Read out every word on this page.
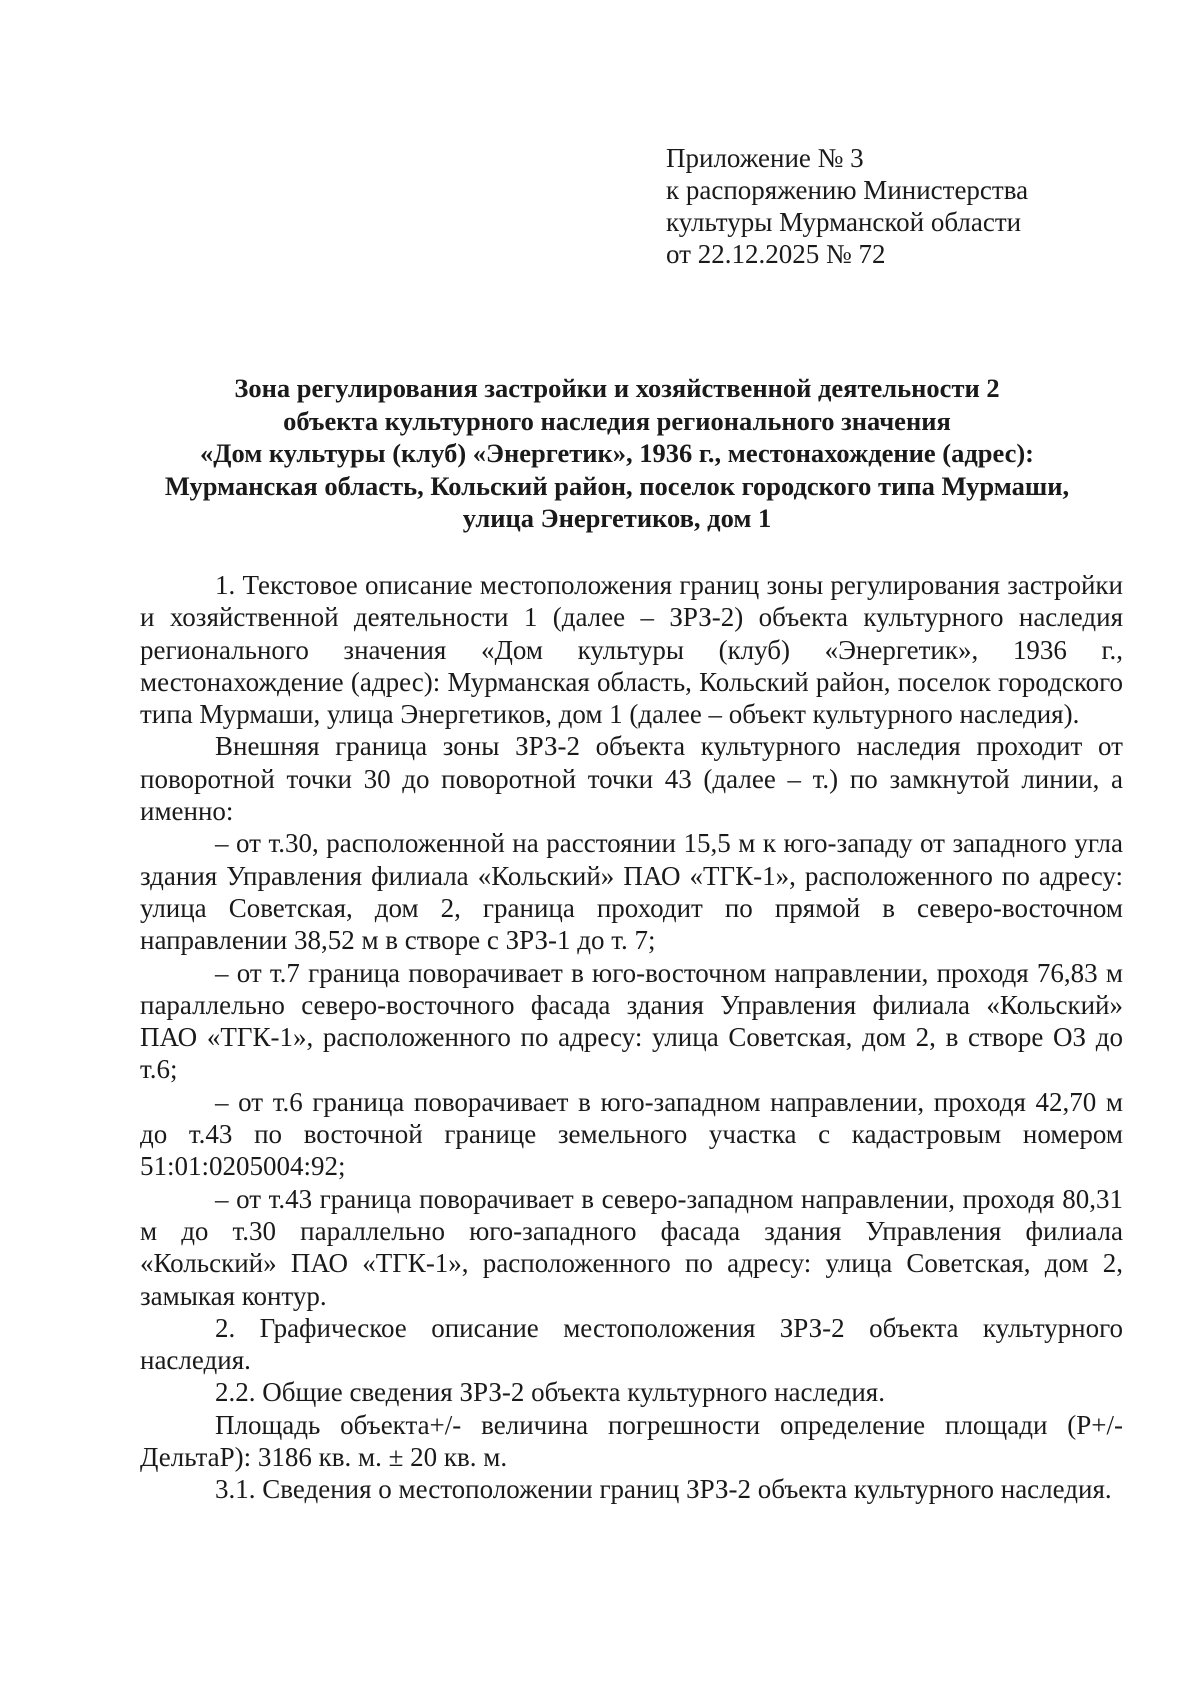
Приложение № 3
к распоряжению Министерства
культуры Мурманской области
от 22.12.2025 № 72
Зона регулирования застройки и хозяйственной деятельности 2
объекта культурного наследия регионального значения
«Дом культуры (клуб) «Энергетик», 1936 г., местонахождение (адрес):
Мурманская область, Кольский район, поселок городского типа Мурмаши,
улица Энергетиков, дом 1

1. Текстовое описание местоположения границ зоны регулирования застройки и хозяйственной деятельности 1 (далее – ЗРЗ-2) объекта культурного наследия регионального значения «Дом культуры (клуб) «Энергетик», 1936 г., местонахождение (адрес): Мурманская область, Кольский район, поселок городского типа Мурмаши, улица Энергетиков, дом 1 (далее – объект культурного наследия).

Внешняя граница зоны ЗРЗ-2 объекта культурного наследия проходит от поворотной точки 30 до поворотной точки 43 (далее – т.) по замкнутой линии, а именно:

– от т.30, расположенной на расстоянии 15,5 м к юго-западу от западного угла здания Управления филиала «Кольский» ПАО «ТГК-1», расположенного по адресу: улица Советская, дом 2, граница проходит по прямой в северо-восточном направлении 38,52 м в створе с ЗРЗ-1 до т. 7;

– от т.7 граница поворачивает в юго-восточном направлении, проходя 76,83 м параллельно северо-восточного фасада здания Управления филиала «Кольский» ПАО «ТГК-1», расположенного по адресу: улица Советская, дом 2, в створе ОЗ до т.6;

– от т.6 граница поворачивает в юго-западном направлении, проходя 42,70 м до т.43 по восточной границе земельного участка с кадастровым номером 51:01:0205004:92;

– от т.43 граница поворачивает в северо-западном направлении, проходя 80,31 м до т.30 параллельно юго-западного фасада здания Управления филиала «Кольский» ПАО «ТГК-1», расположенного по адресу: улица Советская, дом 2, замыкая контур.

2. Графическое описание местоположения ЗРЗ-2 объекта культурного наследия.

2.2. Общие сведения ЗРЗ-2 объекта культурного наследия.

Площадь объекта+/- величина погрешности определение площади (P+/-ДельтаP): 3186 кв. м. ± 20 кв. м.

3.1. Сведения о местоположении границ ЗРЗ-2 объекта культурного наследия.
